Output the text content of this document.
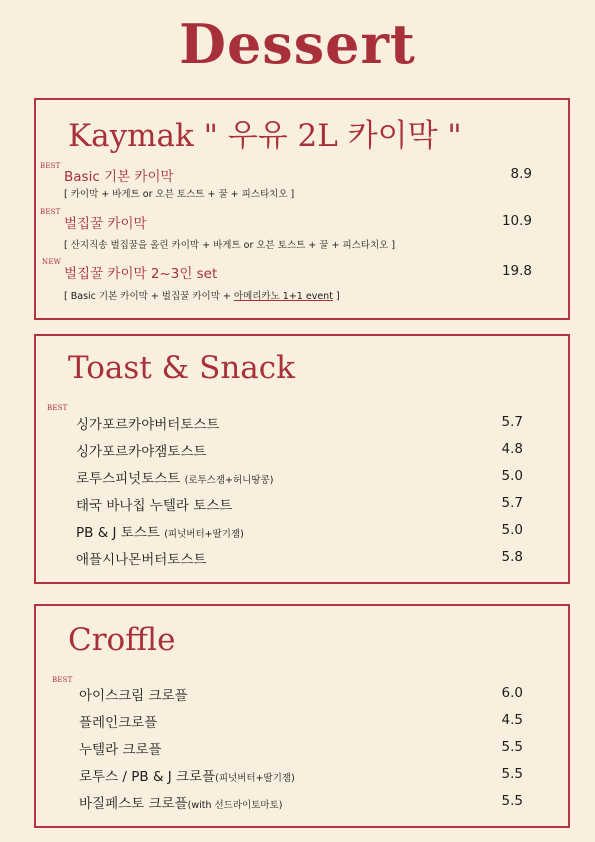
Dessert
Kaymak " 우유 2L 카이막 "
BEST
Basic 기본 카이막	8.9
[ 카이막 + 바게트 or 오븐 토스트 + 꿀 + 피스타치오 ]
BEST
벌집꿀 카이막	10.9
[ 산지직송 벌집꿀을 올린 카이막 + 바게트 or 오븐 토스트 + 꿀 + 피스타치오 ]
NEW
벌집꿀 카이막 2~3인 set	19.8
[ Basic 기본 카이막 + 벌집꿀 카이막 + 아메리카노 1+1 event ]
Toast & Snack
BEST
싱가포르카야버터토스트	5.7
싱가포르카야잼토스트	4.8
로투스피넛토스트 (로투스잼+허니땅콩)	5.0
태국 바나칩 누텔라 토스트	5.7
PB & J 토스트 (피넛버터+딸기잼)	5.0
애플시나몬버터토스트	5.8
Croffle
BEST
아이스크림 크로플	6.0
플레인크로플	4.5
누텔라 크로플	5.5
로투스 / PB & J 크로플(피넛버터+딸기잼)	5.5
바질페스토 크로플(with 선드라이토마토)	5.5
